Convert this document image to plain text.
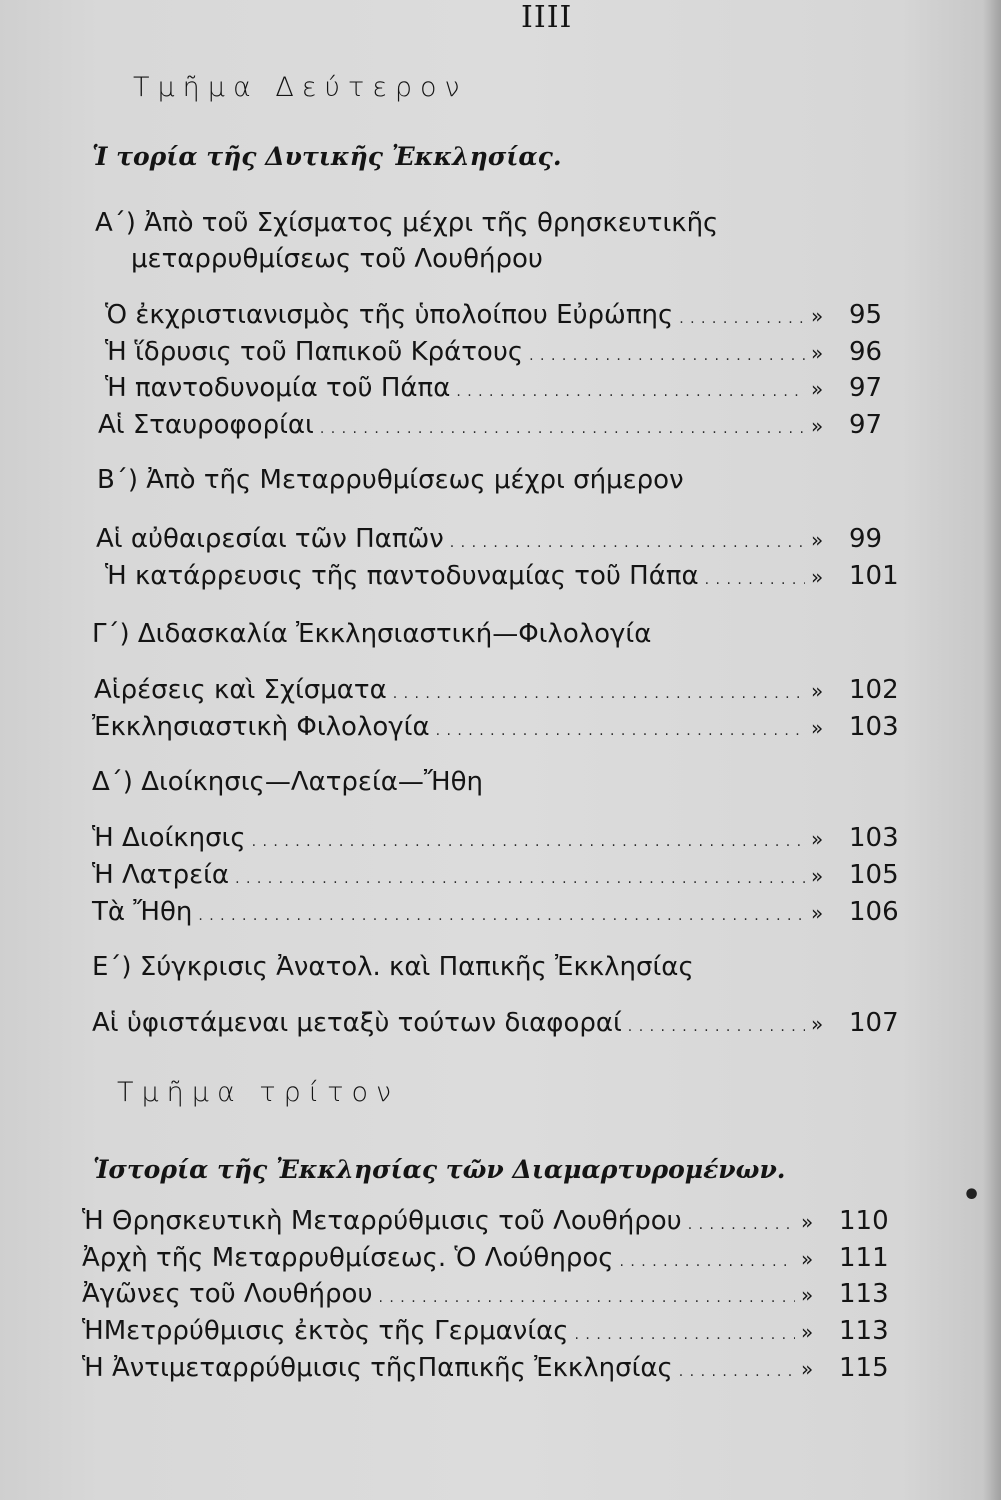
IIII
Τμῆμα Δεύτερον
Ἱ τορία τῆς Δυτικῆς Ἐκκλησίας.
Α΄) Ἀπὸ τοῦ Σχίσματος μέχρι τῆς θρησκευτικῆς
μεταρρυθμίσεως τοῦ Λουθήρου
Ὁ ἐκχριστιανισμὸς τῆς ὑπολοίπου Εὐρώπης . . .	» 95
Ἡ ἵδρυσις τοῦ Παπικοῦ Κράτους . . .	» 96
Ἡ παντοδυνομία τοῦ Πάπα . . .	» 97
Αἱ Σταυροφορίαι . . .	» 97
Β΄) Ἀπὸ τῆς Μεταρρυθμίσεως μέχρι σήμερον
Αἱ αὐθαιρεσίαι τῶν Παπῶν . . .	» 99
Ἡ κατάρρευσις τῆς παντοδυναμίας τοῦ Πάπα . . .	» 101
Γ΄) Διδασκαλία Ἐκκλησιαστική—Φιλολογία
Αἱρέσεις καὶ Σχίσματα . . .	» 102
Ἐκκλησιαστικὴ Φιλολογία . . .	» 103
Δ΄) Διοίκησις—Λατρεία—Ἤθη
Ἡ Διοίκησις . . .	» 103
Ἡ Λατρεία . . .	» 105
Τὰ Ἤθη . . .	» 106
Ε΄) Σύγκρισις Ἀνατολ. καὶ Παπικῆς Ἐκκλησίας
Αἱ ὑφιστάμεναι μεταξὺ τούτων διαφοραί . . .	» 107
Τμῆμα τρίτον
Ἱστορία τῆς Ἐκκλησίας τῶν Διαμαρτυρομένων.
Ἡ Θρησκευτικὴ Μεταρρύθμισις τοῦ Λουθήρου . . .	» 110
Ἀρχὴ τῆς Μεταρρυθμίσεως. Ὁ Λούθηρος . . .	» 111
Ἀγῶνες τοῦ Λουθήρου . . .	» 113
ἩΜετρρύθμισις ἐκτὸς τῆς Γερμανίας . . .	» 113
Ἡ Ἀντιμεταρρύθμισις τῆςΠαπικῆς Ἐκκλησίας . . .	» 115
•
